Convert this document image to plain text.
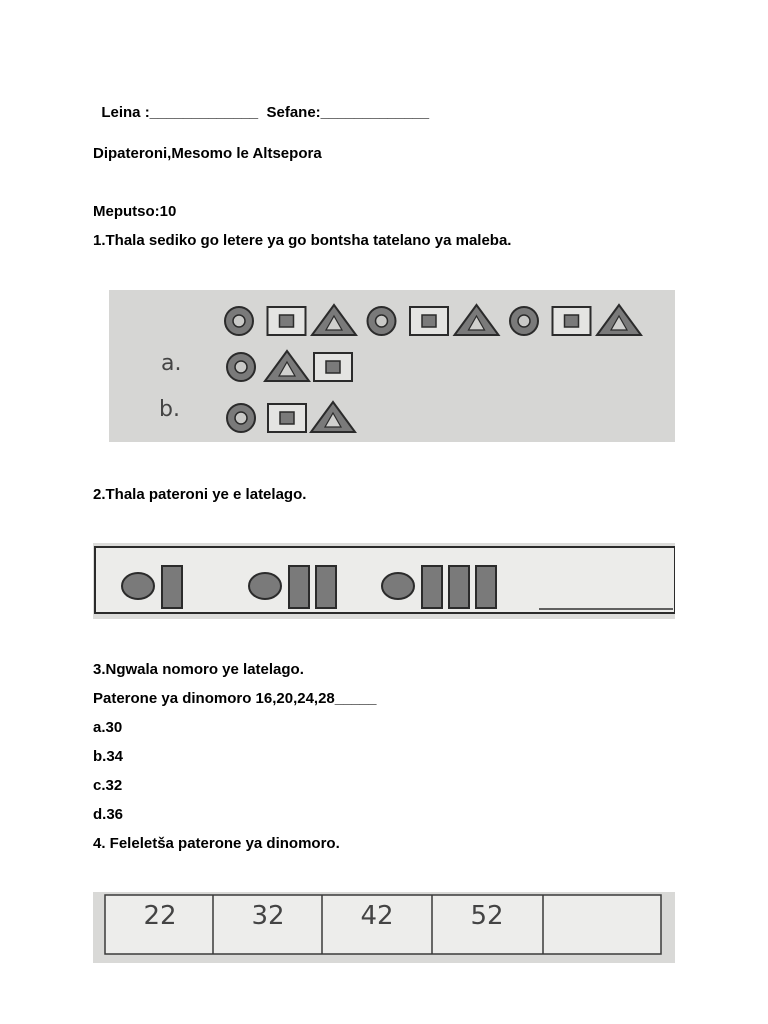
Leina :_____________ Sefane:_____________

Dipateroni,Mesomo le Altsepora
Meputso:10
1.Thala sediko go letere ya go bontsha tatelano ya maleba.
a.
b.
2.Thala pateroni ye e latelago.
3.Ngwala nomoro ye latelago.
Paterone ya dinomoro 16,20,24,28_____
a.30
b.34
c.32
d.36
4. Feleletša paterone ya dinomoro.
22	32	42	52
